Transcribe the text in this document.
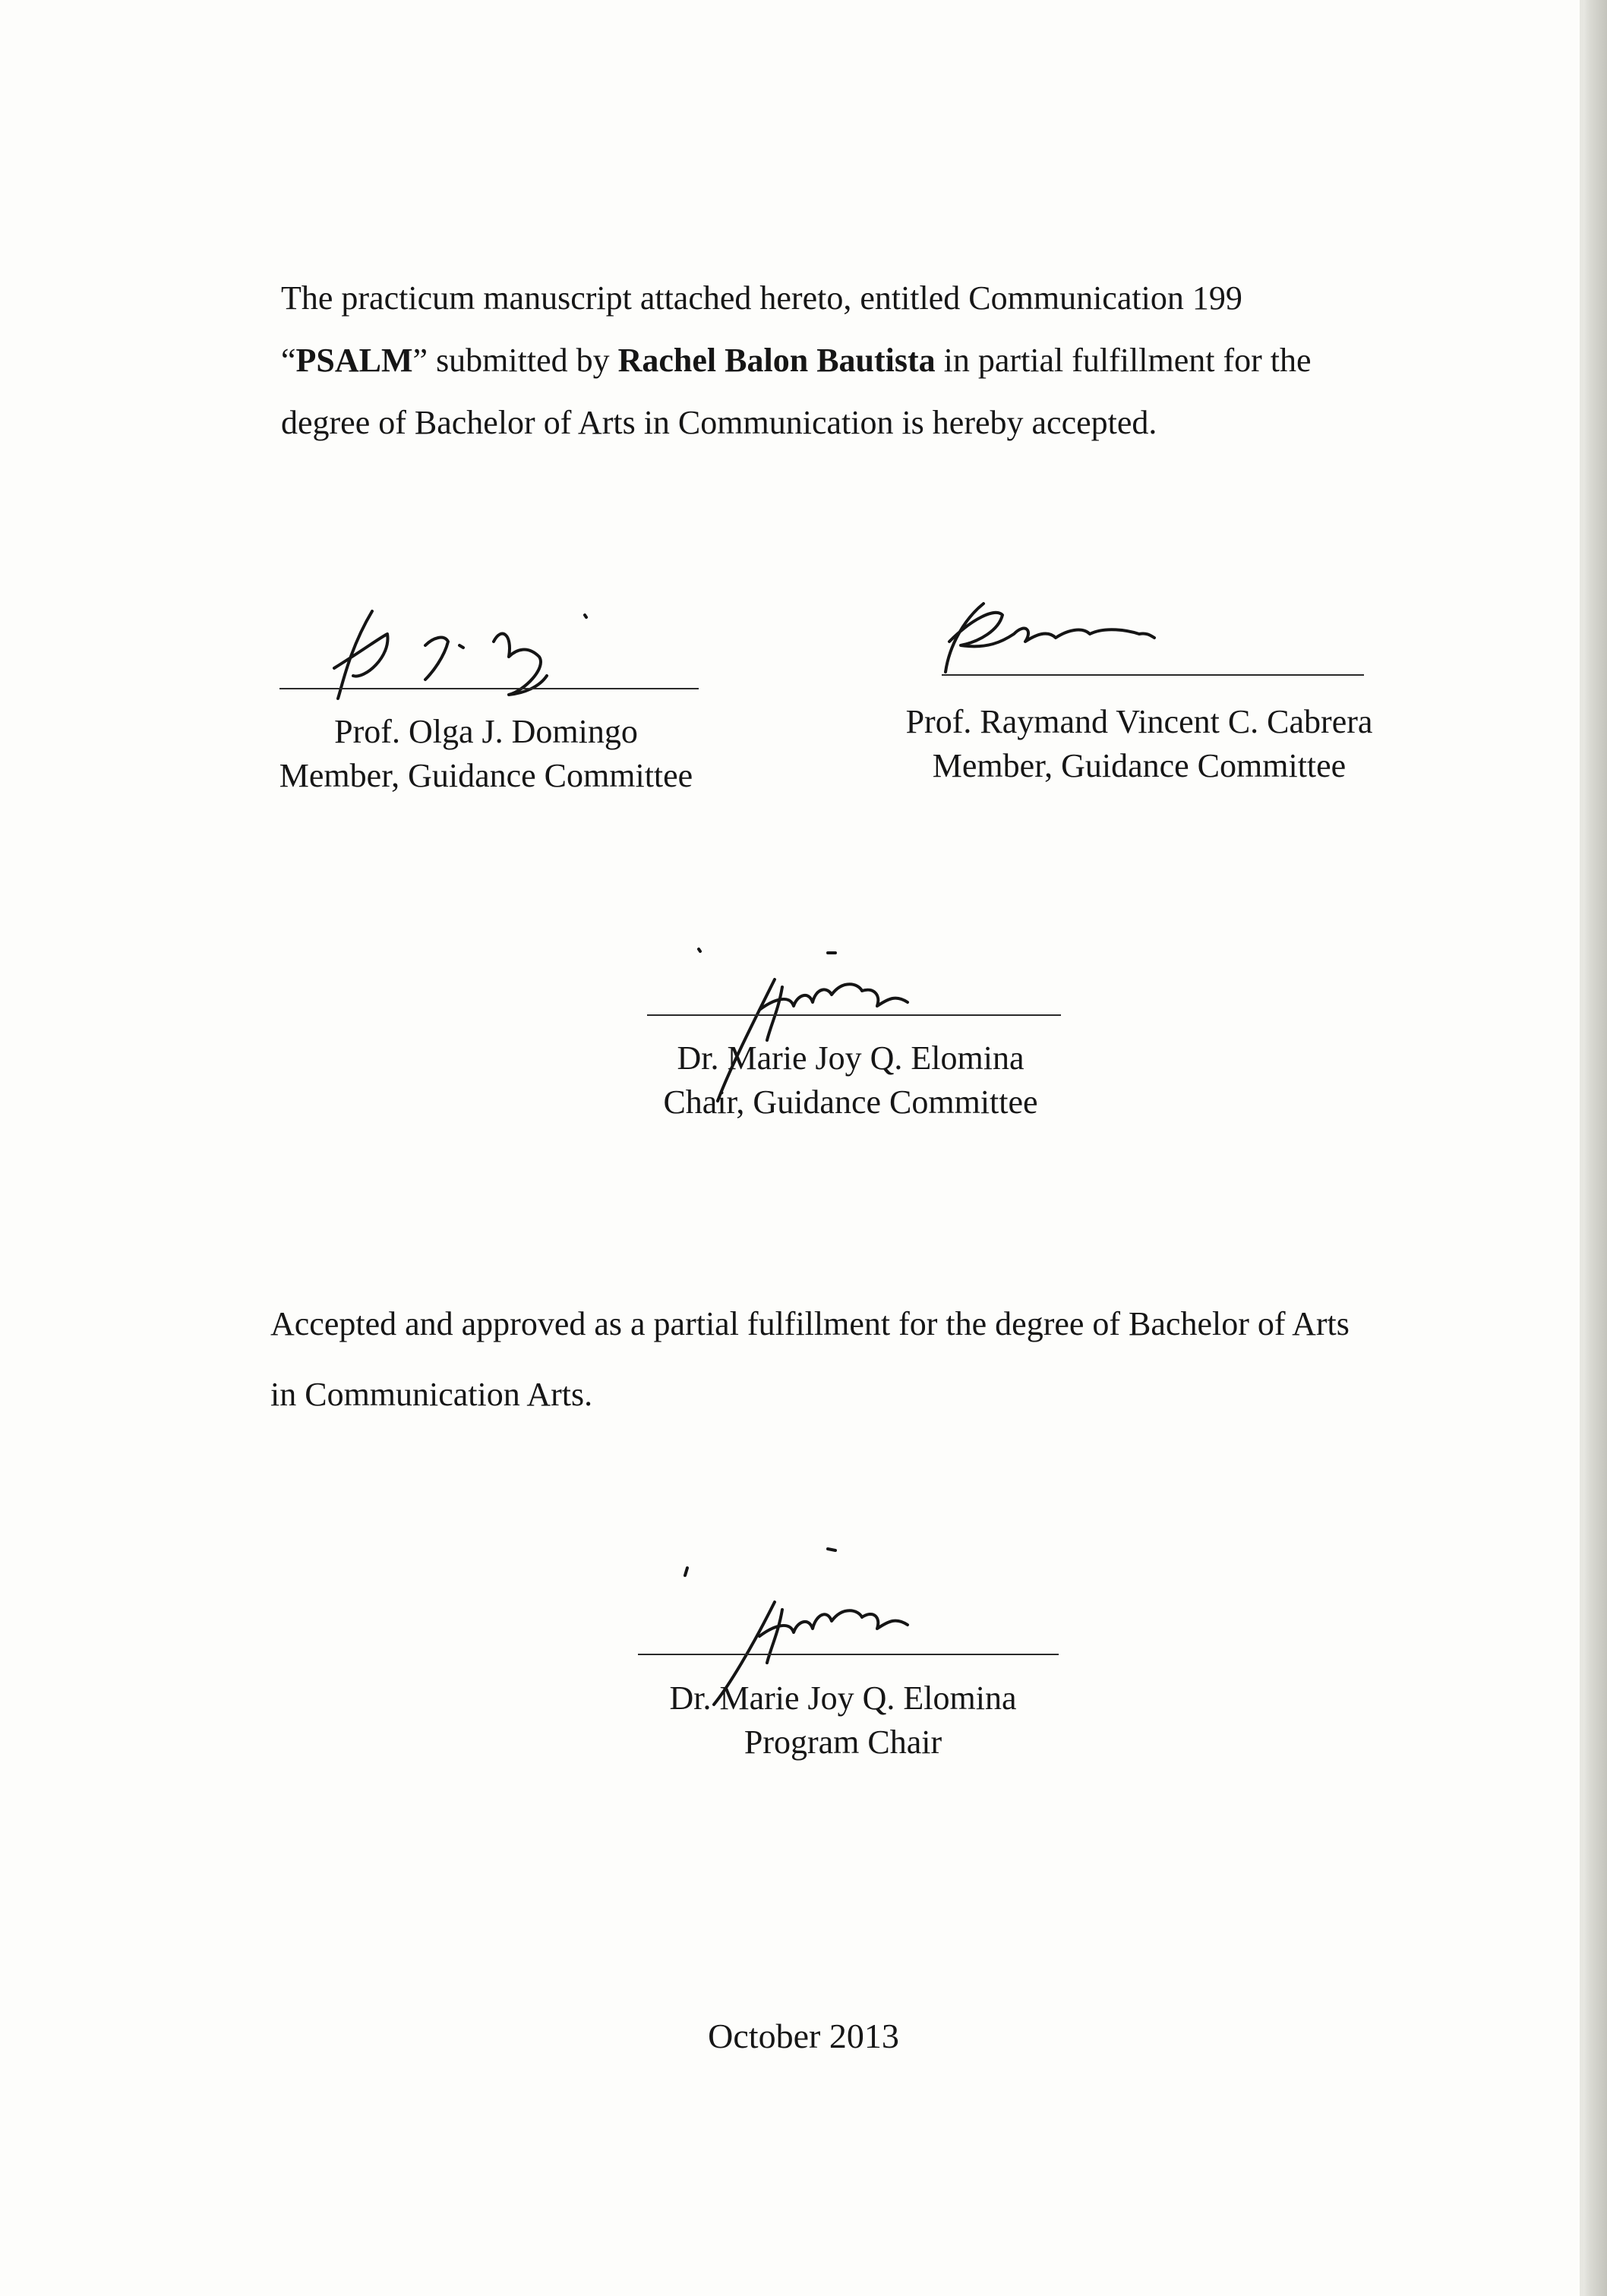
The practicum manuscript attached hereto, entitled Communication 199

“PSALM” submitted by Rachel Balon Bautista in partial fulfillment for the

degree of Bachelor of Arts in Communication is hereby accepted.

Prof. Olga J. Domingo
Member, Guidance Committee
Prof. Raymand Vincent C. Cabrera
Member, Guidance Committee
Dr. Marie Joy Q. Elomina
Chair, Guidance Committee

Accepted and approved as a partial fulfillment for the degree of Bachelor of Arts

in Communication Arts.

Dr. Marie Joy Q. Elomina
Program Chair
October 2013
